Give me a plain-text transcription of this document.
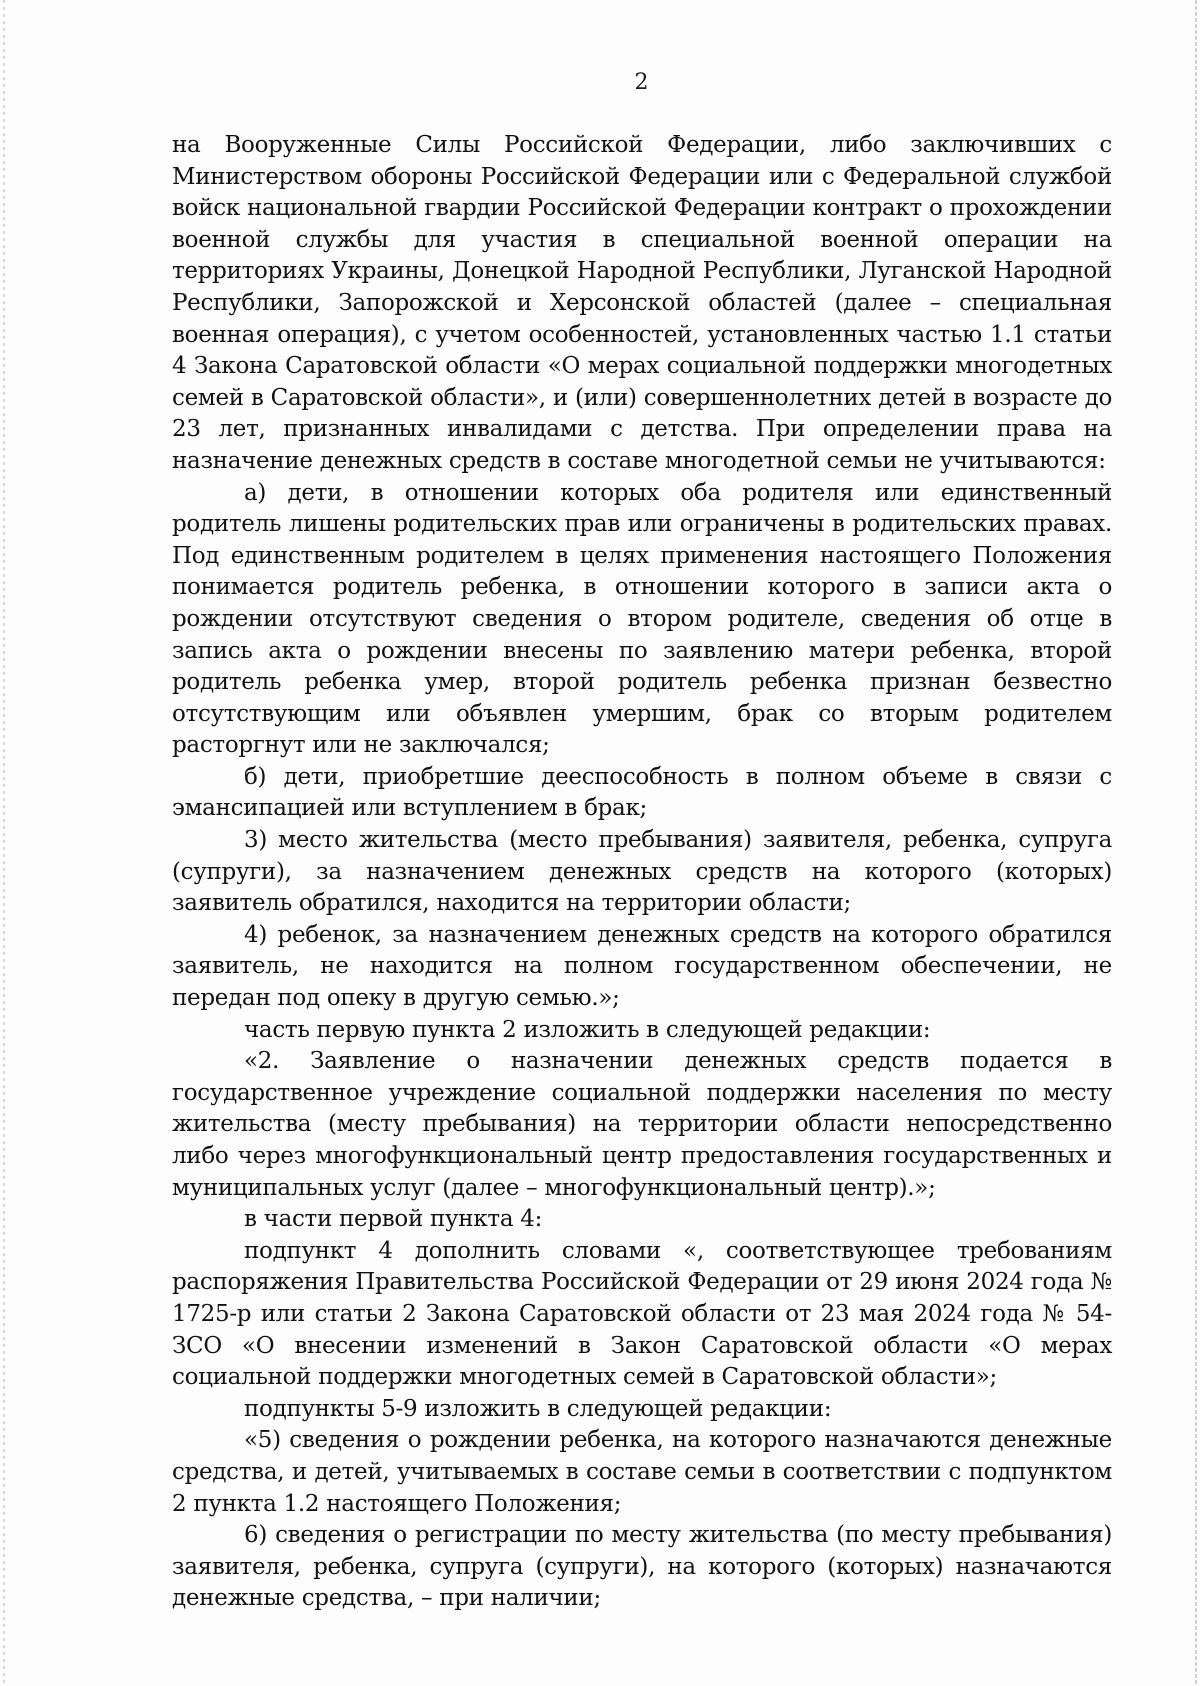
2

на Вооруженные Силы Российской Федерации, либо заключивших с Министерством обороны Российской Федерации или с Федеральной службой войск национальной гвардии Российской Федерации контракт о прохождении военной службы для участия в специальной военной операции на территориях Украины, Донецкой Народной Республики, Луганской Народной Республики, Запорожской и Херсонской областей (далее – специальная военная операция), с учетом особенностей, установленных частью 1.1 статьи 4 Закона Саратовской области «О мерах социальной поддержки многодетных семей в Саратовской области», и (или) совершеннолетних детей в возрасте до 23 лет, признанных инвалидами с детства. При определении права на назначение денежных средств в составе многодетной семьи не учитываются:

а) дети, в отношении которых оба родителя или единственный родитель лишены родительских прав или ограничены в родительских правах. Под единственным родителем в целях применения настоящего Положения понимается родитель ребенка, в отношении которого в записи акта о рождении отсутствуют сведения о втором родителе, сведения об отце в запись акта о рождении внесены по заявлению матери ребенка, второй родитель ребенка умер, второй родитель ребенка признан безвестно отсутствующим или объявлен умершим, брак со вторым родителем расторгнут или не заключался;

б) дети, приобретшие дееспособность в полном объеме в связи с эмансипацией или вступлением в брак;

3) место жительства (место пребывания) заявителя, ребенка, супруга (супруги), за назначением денежных средств на которого (которых) заявитель обратился, находится на территории области;

4) ребенок, за назначением денежных средств на которого обратился заявитель, не находится на полном государственном обеспечении, не передан под опеку в другую семью.»;

часть первую пункта 2 изложить в следующей редакции:

«2. Заявление о назначении денежных средств подается в государственное учреждение социальной поддержки населения по месту жительства (месту пребывания) на территории области непосредственно либо через многофункциональный центр предоставления государственных и муниципальных услуг (далее – многофункциональный центр).»;

в части первой пункта 4:

подпункт 4 дополнить словами «, соответствующее требованиям распоряжения Правительства Российской Федерации от 29 июня 2024 года № 1725-р или статьи 2 Закона Саратовской области от 23 мая 2024 года № 54-ЗСО «О внесении изменений в Закон Саратовской области «О мерах социальной поддержки многодетных семей в Саратовской области»;

подпункты 5-9 изложить в следующей редакции:

«5) сведения о рождении ребенка, на которого назначаются денежные средства, и детей, учитываемых в составе семьи в соответствии с подпунктом 2 пункта 1.2 настоящего Положения;

6) сведения о регистрации по месту жительства (по месту пребывания) заявителя, ребенка, супруга (супруги), на которого (которых) назначаются денежные средства, – при наличии;
